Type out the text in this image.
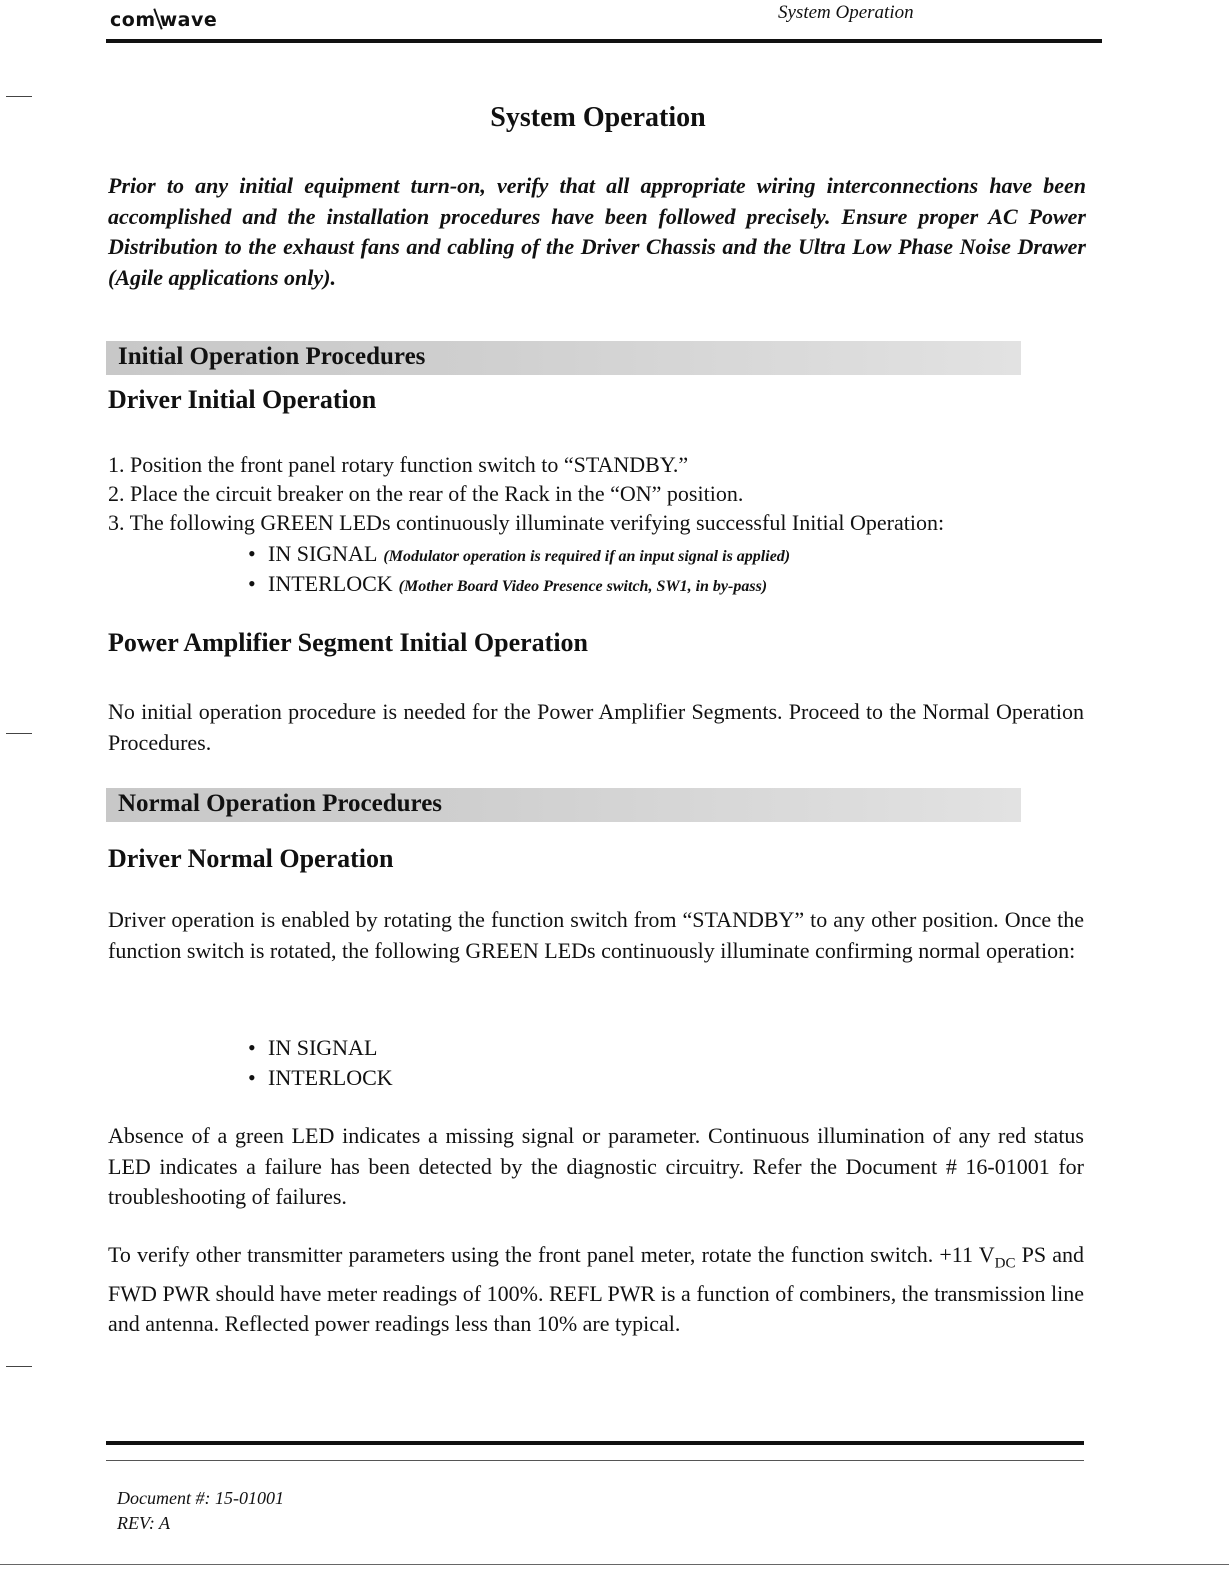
com wave	System Operation
System Operation
Prior to any initial equipment turn-on, verify that all appropriate wiring interconnections have been accomplished and the installation procedures have been followed precisely. Ensure proper AC Power Distribution to the exhaust fans and cabling of the Driver Chassis and the Ultra Low Phase Noise Drawer (Agile applications only).
Initial Operation Procedures
Driver Initial Operation
1. Position the front panel rotary function switch to “STANDBY.”
2. Place the circuit breaker on the rear of the Rack in the “ON” position.
3. The following GREEN LEDs continuously illuminate verifying successful Initial Operation:
• IN SIGNAL (Modulator operation is required if an input signal is applied)
• INTERLOCK (Mother Board Video Presence switch, SW1, in by-pass)
Power Amplifier Segment Initial Operation
No initial operation procedure is needed for the Power Amplifier Segments. Proceed to the Normal Operation Procedures.
Normal Operation Procedures
Driver Normal Operation
Driver operation is enabled by rotating the function switch from “STANDBY” to any other position. Once the function switch is rotated, the following GREEN LEDs continuously illuminate confirming normal operation:
• IN SIGNAL
• INTERLOCK
Absence of a green LED indicates a missing signal or parameter. Continuous illumination of any red status LED indicates a failure has been detected by the diagnostic circuitry. Refer the Document # 16-01001 for troubleshooting of failures.
To verify other transmitter parameters using the front panel meter, rotate the function switch. +11 $V_{DC}$ PS and FWD PWR should have meter readings of 100%. REFL PWR is a function of combiners, the transmission line and antenna. Reflected power readings less than 10% are typical.
Document #: 15-01001
REV: A
